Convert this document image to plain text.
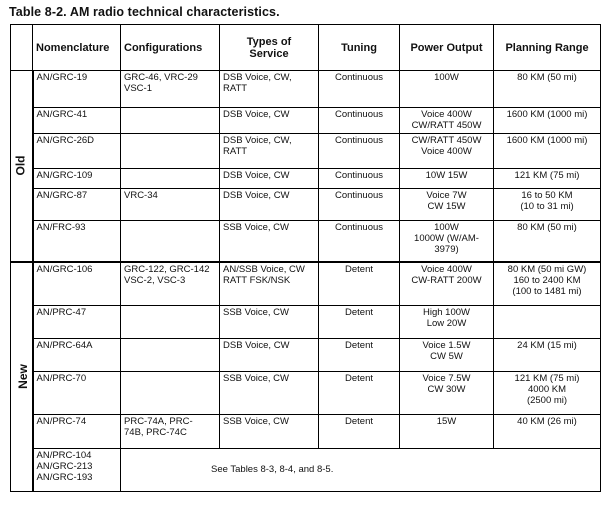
Table 8-2. AM radio technical characteristics.
	Nomenclature	Configurations	Types of
Service	Tuning	Power Output	Planning Range
Old	AN/GRC-19	GRC-46, VRC-29
VSC-1	DSB Voice, CW,
RATT	Continuous	100W	80 KM (50 mi)
	AN/GRC-41		DSB Voice, CW	Continuous	Voice 400W
CW/RATT 450W	1600 KM (1000 mi)
	AN/GRC-26D		DSB Voice, CW,
RATT	Continuous	CW/RATT 450W
Voice 400W	1600 KM (1000 mi)
	AN/GRC-109		DSB Voice, CW	Continuous	10W 15W	121 KM (75 mi)
	AN/GRC-87	VRC-34	DSB Voice, CW	Continuous	Voice 7W
CW 15W	16 to 50 KM
(10 to 31 mi)
	AN/FRC-93		SSB Voice, CW	Continuous	100W
1000W (W/AM-
3979)	80 KM (50 mi)
New	AN/GRC-106	GRC-122, GRC-142
VSC-2, VSC-3	AN/SSB Voice, CW
RATT FSK/NSK	Detent	Voice 400W
CW-RATT 200W	80 KM (50 mi GW)
160 to 2400 KM
(100 to 1481 mi)
	AN/PRC-47		SSB Voice, CW	Detent	High 100W
Low 20W	
	AN/PRC-64A		DSB Voice, CW	Detent	Voice 1.5W
CW 5W	24 KM (15 mi)
	AN/PRC-70		SSB Voice, CW	Detent	Voice 7.5W
CW 30W	121 KM (75 mi)
4000 KM
(2500 mi)
	AN/PRC-74	PRC-74A, PRC-
74B, PRC-74C	SSB Voice, CW	Detent	15W	40 KM (26 mi)
	AN/PRC-104
AN/GRC-213
AN/GRC-193	See Tables 8-3, 8-4, and 8-5.				
